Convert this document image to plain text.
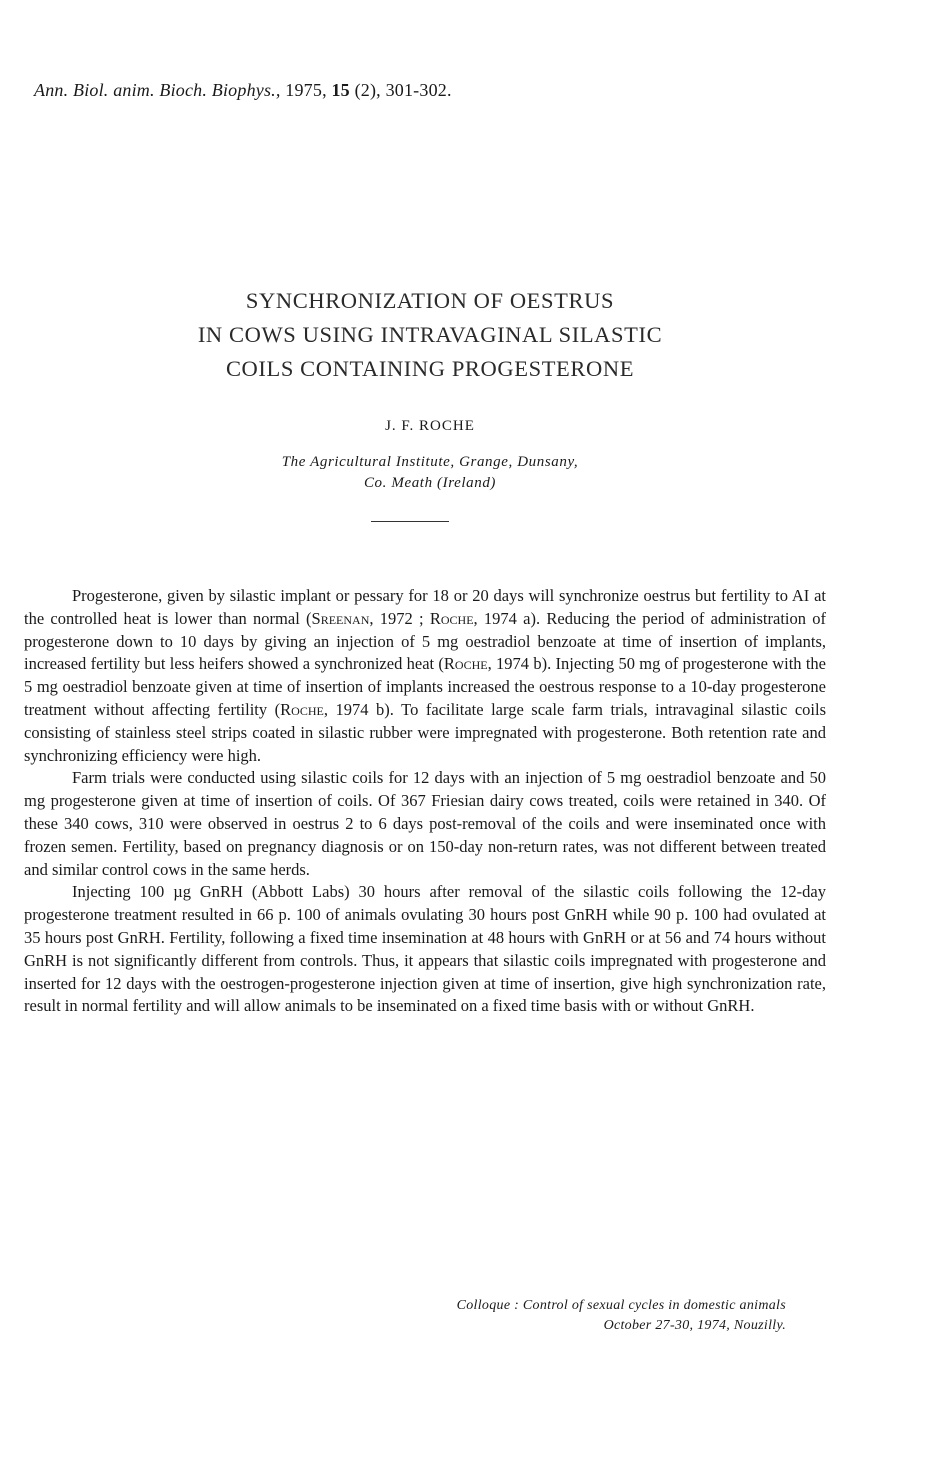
Ann. Biol. anim. Bioch. Biophys., 1975, 15 (2), 301-302.
SYNCHRONIZATION OF OESTRUS
IN COWS USING INTRAVAGINAL SILASTIC
COILS CONTAINING PROGESTERONE
J. F. ROCHE
The Agricultural Institute, Grange, Dunsany,
Co. Meath (Ireland)

Progesterone, given by silastic implant or pessary for 18 or 20 days will synchronize oestrus but fertility to AI at the controlled heat is lower than normal (Sreenan, 1972 ; Roche, 1974 a). Reducing the period of administration of progesterone down to 10 days by giving an injection of 5 mg oestradiol benzoate at time of insertion of implants, increased fertility but less heifers showed a synchronized heat (Roche, 1974 b). Injecting 50 mg of progesterone with the 5 mg oestradiol benzoate given at time of insertion of implants increased the oestrous response to a 10-day progesterone treatment without affecting fertility (Roche, 1974 b). To facilitate large scale farm trials, intravaginal silastic coils consisting of stainless steel strips coated in silastic rubber were impregnated with progesterone. Both retention rate and synchronizing efficiency were high.

Farm trials were conducted using silastic coils for 12 days with an injection of 5 mg oestradiol benzoate and 50 mg progesterone given at time of insertion of coils. Of 367 Friesian dairy cows treated, coils were retained in 340. Of these 340 cows, 310 were observed in oestrus 2 to 6 days post-removal of the coils and were inseminated once with frozen semen. Fertility, based on pregnancy diagnosis or on 150-day non-return rates, was not different between treated and similar control cows in the same herds.

Injecting 100 µg GnRH (Abbott Labs) 30 hours after removal of the silastic coils following the 12-day progesterone treatment resulted in 66 p. 100 of animals ovulating 30 hours post GnRH while 90 p. 100 had ovulated at 35 hours post GnRH. Fertility, following a fixed time insemination at 48 hours with GnRH or at 56 and 74 hours without GnRH is not significantly different from controls. Thus, it appears that silastic coils impregnated with progesterone and inserted for 12 days with the oestrogen-progesterone injection given at time of insertion, give high synchronization rate, result in normal fertility and will allow animals to be inseminated on a fixed time basis with or without GnRH.

Colloque : Control of sexual cycles in domestic animals
October 27-30, 1974, Nouzilly.
